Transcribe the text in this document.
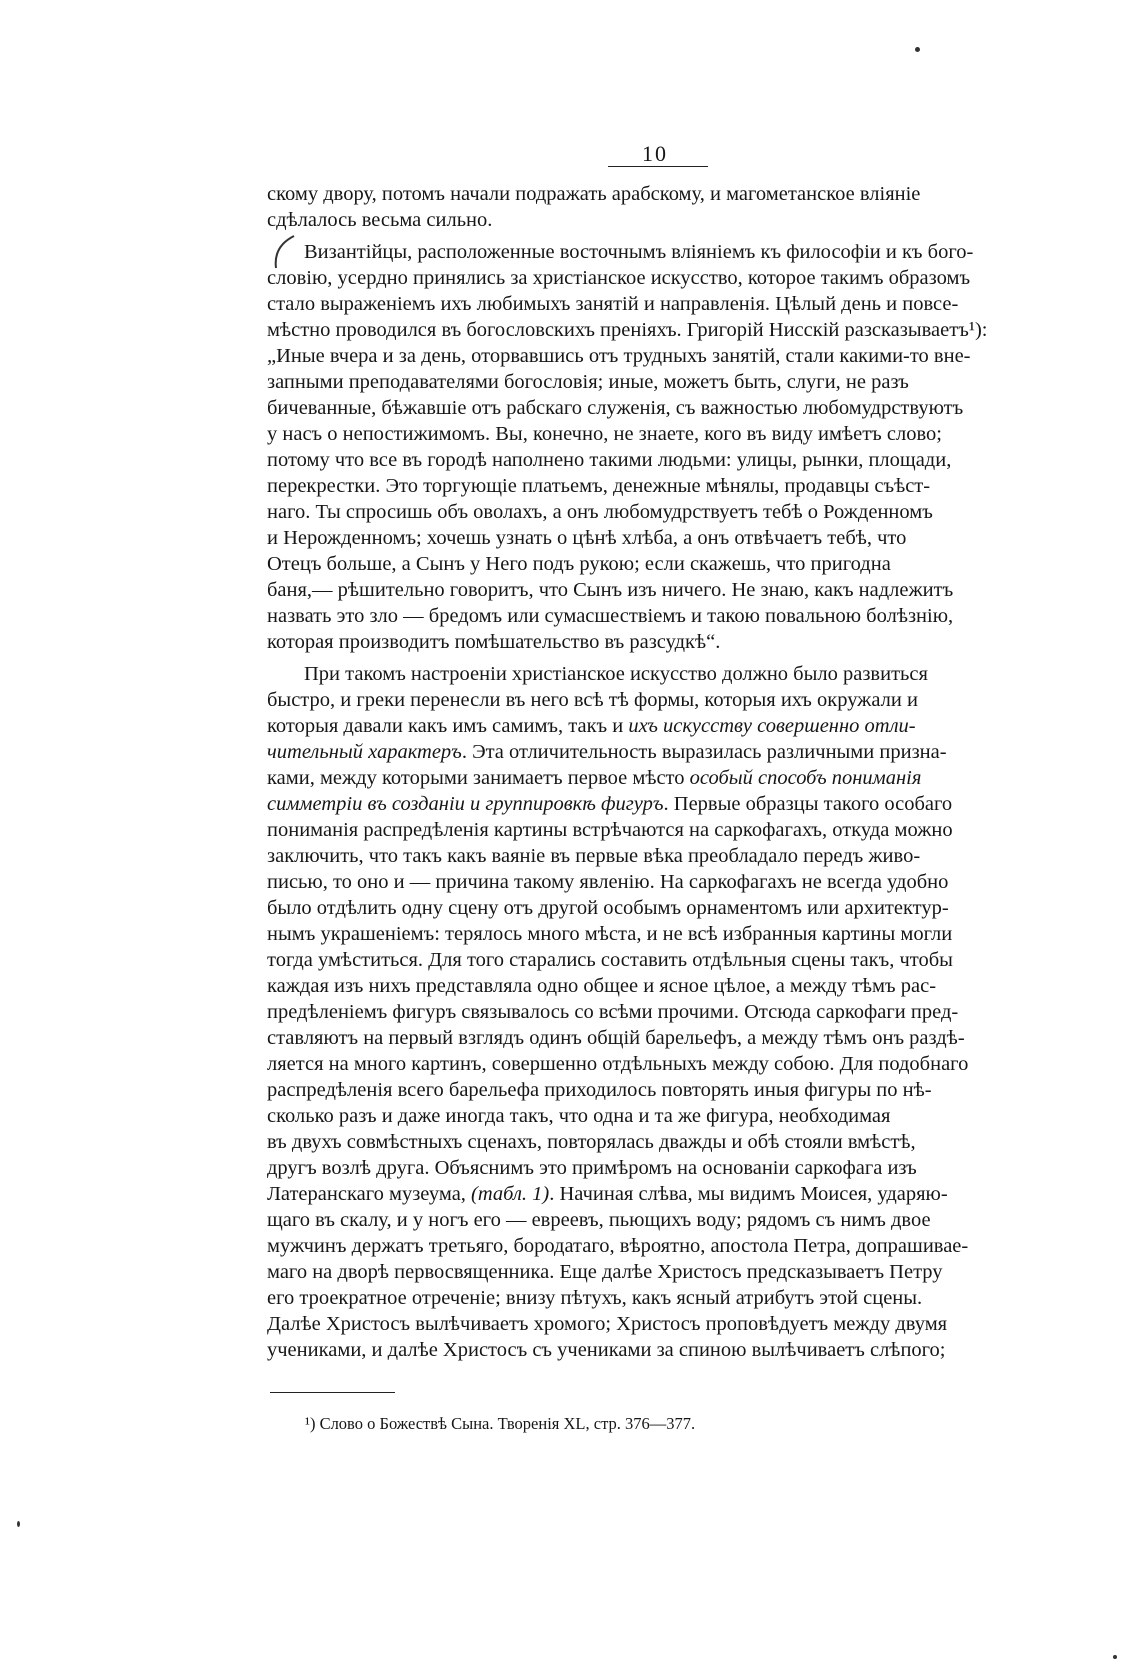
10

скому двору, потомъ начали подражать арабскому, и магометанское вліяніе
сдѣлалось весьма сильно.

Византійцы, расположенные восточнымъ вліяніемъ къ философіи и къ бого-
словію, усердно принялись за христіанское искусство, которое такимъ образомъ
стало выраженіемъ ихъ любимыхъ занятій и направленія. Цѣлый день и повсе-
мѣстно проводился въ богословскихъ преніяхъ. Григорій Нисскій разсказываетъ¹):
„Иные вчера и за день, оторвавшись отъ трудныхъ занятій, стали какими-то вне-
запными преподавателями богословія; иные, можетъ быть, слуги, не разъ
бичеванные, бѣжавшіе отъ рабскаго служенія, съ важностью любомудрствуютъ
у насъ о непостижимомъ. Вы, конечно, не знаете, кого въ виду имѣетъ слово;
потому что все въ городѣ наполнено такими людьми: улицы, рынки, площади,
перекрестки. Это торгующіе платьемъ, денежные мѣнялы, продавцы съѣст-
наго. Ты спросишь объ оволахъ, а онъ любомудрствуетъ тебѣ о Рожденномъ
и Нерожденномъ; хочешь узнать о цѣнѣ хлѣба, а онъ отвѣчаетъ тебѣ, что
Отецъ больше, а Сынъ у Него подъ рукою; если скажешь, что пригодна
баня,— рѣшительно говоритъ, что Сынъ изъ ничего. Не знаю, какъ надлежитъ
назвать это зло — бредомъ или сумасшествіемъ и такою повальною болѣзнію,
которая производитъ помѣшательство въ разсудкѣ“.

При такомъ настроеніи христіанское искусство должно было развиться
быстро, и греки перенесли въ него всѣ тѣ формы, которыя ихъ окружали и
которыя давали какъ имъ самимъ, такъ и ихъ искусству совершенно отли-
чительный характеръ. Эта отличительность выразилась различными призна-
ками, между которыми занимаетъ первое мѣсто особый способъ пониманія
симметріи въ созданіи и группировкѣ фигуръ. Первые образцы такого особаго
пониманія распредѣленія картины встрѣчаются на саркофагахъ, откуда можно
заключить, что такъ какъ ваяніе въ первые вѣка преобладало передъ живо-
писью, то оно и — причина такому явленію. На саркофагахъ не всегда удобно
было отдѣлить одну сцену отъ другой особымъ орнаментомъ или архитектур-
нымъ украшеніемъ: терялось много мѣста, и не всѣ избранныя картины могли
тогда умѣститься. Для того старались составить отдѣльныя сцены такъ, чтобы
каждая изъ нихъ представляла одно общее и ясное цѣлое, а между тѣмъ рас-
предѣленіемъ фигуръ связывалось со всѣми прочими. Отсюда саркофаги пред-
ставляютъ на первый взглядъ одинъ общій барельефъ, а между тѣмъ онъ раздѣ-
ляется на много картинъ, совершенно отдѣльныхъ между собою. Для подобнаго
распредѣленія всего барельефа приходилось повторять иныя фигуры по нѣ-
сколько разъ и даже иногда такъ, что одна и та же фигура, необходимая
въ двухъ совмѣстныхъ сценахъ, повторялась дважды и обѣ стояли вмѣстѣ,
другъ возлѣ друга. Объяснимъ это примѣромъ на основаніи саркофага изъ
Латеранскаго музеума, (табл. 1). Начиная слѣва, мы видимъ Моисея, ударяю-
щаго въ скалу, и у ногъ его — евреевъ, пьющихъ воду; рядомъ съ нимъ двое
мужчинъ держатъ третьяго, бородатаго, вѣроятно, апостола Петра, допрашивае-
маго на дворѣ первосвященника. Еще далѣе Христосъ предсказываетъ Петру
его троекратное отреченіе; внизу пѣтухъ, какъ ясный атрибутъ этой сцены.
Далѣе Христосъ вылѣчиваетъ хромого; Христосъ проповѣдуетъ между двумя
учениками, и далѣе Христосъ съ учениками за спиною вылѣчиваетъ слѣпого;

¹) Слово о Божествѣ Сына. Творенія XL, стр. 376—377.
